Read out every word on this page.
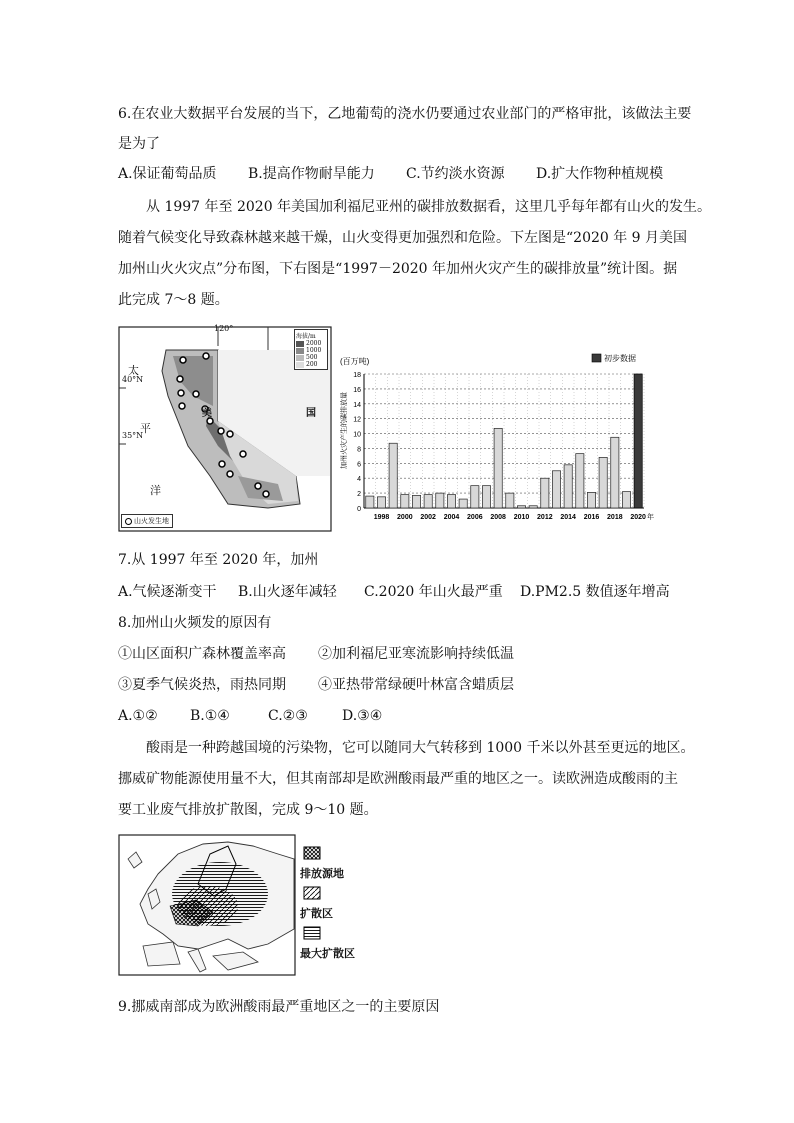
6.在农业大数据平台发展的当下，乙地葡萄的浇水仍要通过农业部门的严格审批，该做法主要
是为了
A.保证葡萄品质	B.提高作物耐旱能力	C.节约淡水资源	D.扩大作物种植规模
从 1997 年至 2020 年美国加利福尼亚州的碳排放数据看，这里几乎每年都有山火的发生。
随着气候变化导致森林越来越干燥，山火变得更加强烈和危险。下左图是“2020 年 9 月美国
加州山火火灾点”分布图，下右图是“1997－2020 年加州火灾产生的碳排放量”统计图。据
此完成 7～8 题。
120°
40°N
35°N
太
平
洋
美	国
海拔/m
2000
1000
500
200
山火发生地
0
2
4
6
8
10
12
14
16
18
1998 2000 2002 2004 2006 2008 2010 2012 2014 2016 2018 2020 年
(百万吨)
加州火灾产生的碳排放量
初步数据
7.从 1997 年至 2020 年，加州
A.气候逐渐变干	B.山火逐年减轻	C.2020 年山火最严重	D.PM2.5 数值逐年增高
8.加州山火频发的原因有
①山区面积广森林覆盖率高	②加利福尼亚寒流影响持续低温
③夏季气候炎热，雨热同期	④亚热带常绿硬叶林富含蜡质层
A.①②	B.①④	C.②③	D.③④
酸雨是一种跨越国境的污染物，它可以随同大气转移到 1000 千米以外甚至更远的地区。
挪威矿物能源使用量不大，但其南部却是欧洲酸雨最严重的地区之一。读欧洲造成酸雨的主
要工业废气排放扩散图，完成 9～10 题。
排放源地
扩散区
最大扩散区
9.挪威南部成为欧洲酸雨最严重地区之一的主要原因
